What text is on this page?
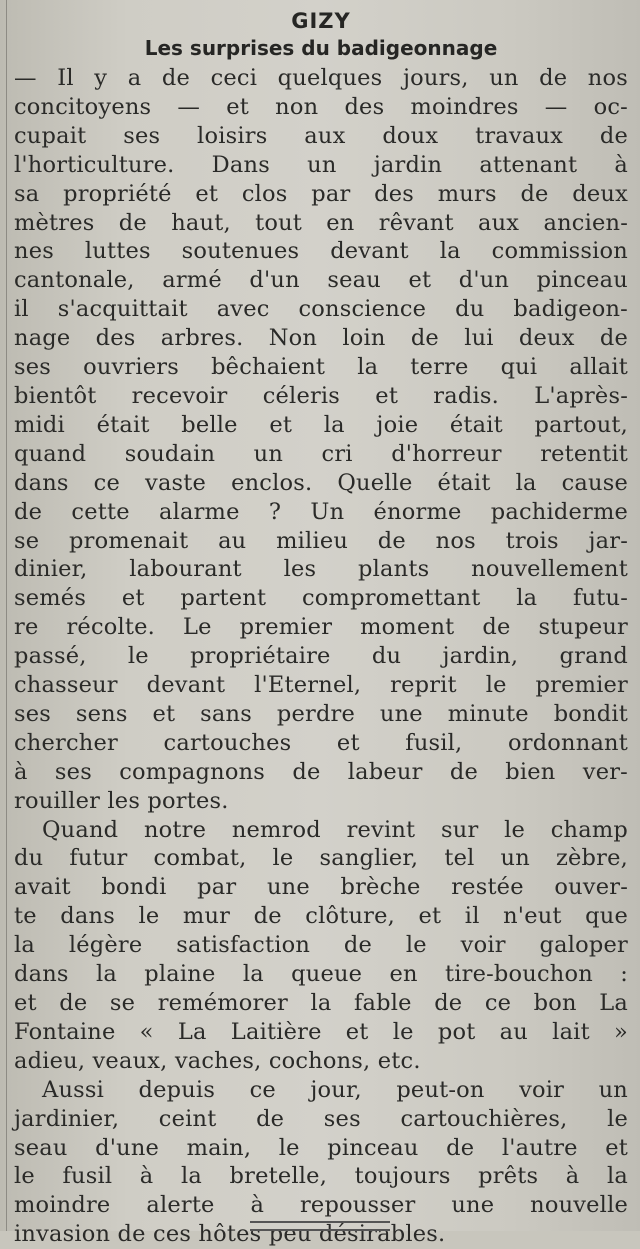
GIZY
Les surprises du badigeonnage
— Il y a de ceci quelques jours, un de nos
concitoyens — et non des moindres — oc-
cupait ses loisirs aux doux travaux de
l'horticulture. Dans un jardin attenant à
sa propriété et clos par des murs de deux
mètres de haut, tout en rêvant aux ancien-
nes luttes soutenues devant la commission
cantonale, armé d'un seau et d'un pinceau
il s'acquittait avec conscience du badigeon-
nage des arbres. Non loin de lui deux de
ses ouvriers bêchaient la terre qui allait
bientôt recevoir céleris et radis. L'après-
midi était belle et la joie était partout,
quand soudain un cri d'horreur retentit
dans ce vaste enclos. Quelle était la cause
de cette alarme ? Un énorme pachiderme
se promenait au milieu de nos trois jar-
dinier, labourant les plants nouvellement
semés et partent compromettant la futu-
re récolte. Le premier moment de stupeur
passé, le propriétaire du jardin, grand
chasseur devant l'Eternel, reprit le premier
ses sens et sans perdre une minute bondit
chercher cartouches et fusil, ordonnant
à ses compagnons de labeur de bien ver-
rouiller les portes.
Quand notre nemrod revint sur le champ
du futur combat, le sanglier, tel un zèbre,
avait bondi par une brèche restée ouver-
te dans le mur de clôture, et il n'eut que
la légère satisfaction de le voir galoper
dans la plaine la queue en tire-bouchon :
et de se remémorer la fable de ce bon La
Fontaine « La Laitière et le pot au lait »
adieu, veaux, vaches, cochons, etc.
Aussi depuis ce jour, peut-on voir un
jardinier, ceint de ses cartouchières, le
seau d'une main, le pinceau de l'autre et
le fusil à la bretelle, toujours prêts à la
moindre alerte à repousser une nouvelle
invasion de ces hôtes peu désirables.
